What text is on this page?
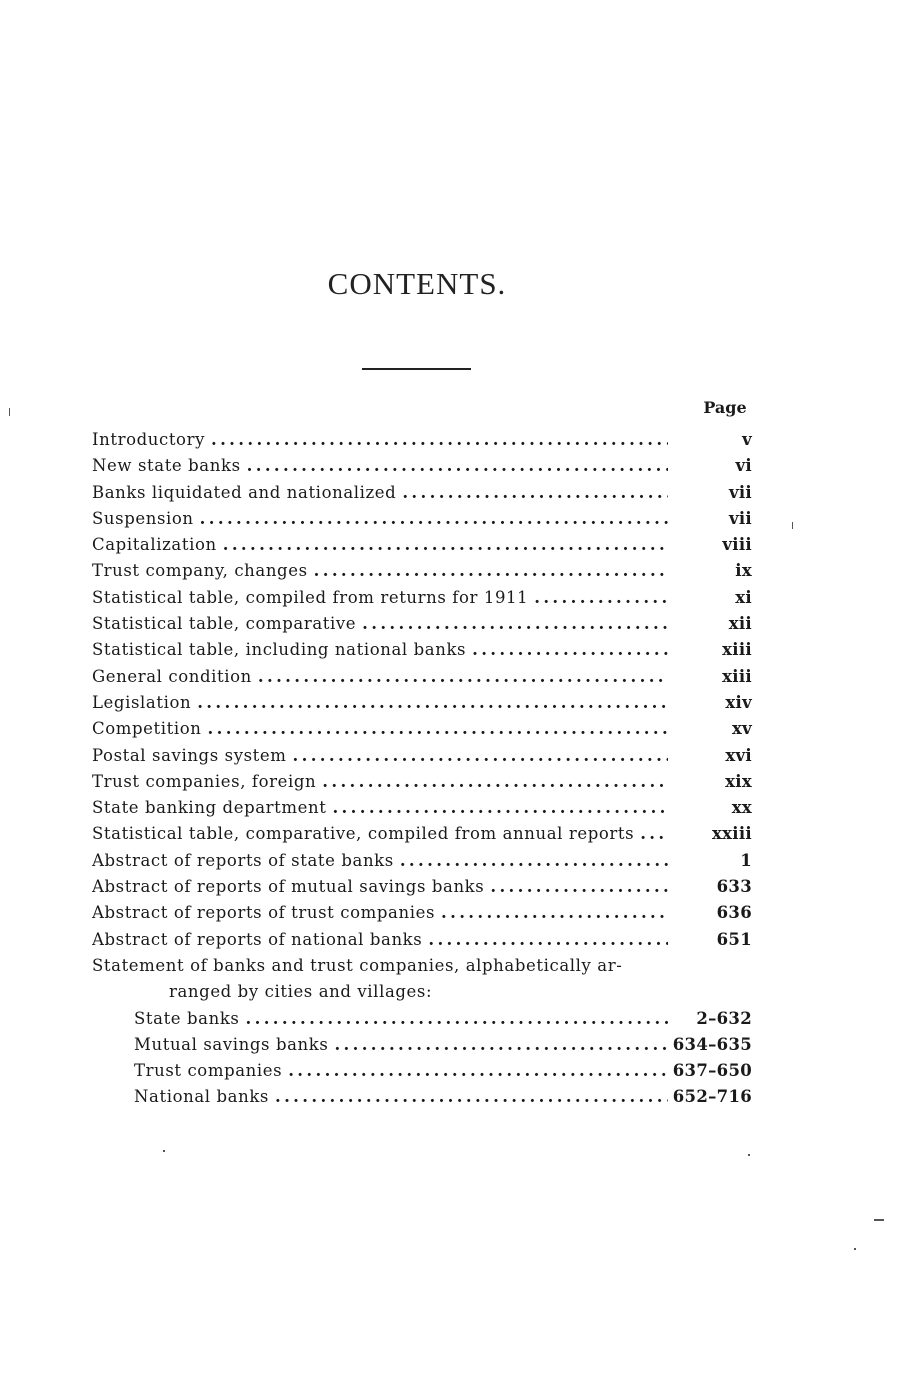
CONTENTS.
Page
Introductory . . .	v
New state banks . . .	vi
Banks liquidated and nationalized . . .	vii
Suspension . . .	vii
Capitalization . . .	viii
Trust company, changes . . .	ix
Statistical table, compiled from returns for 1911 . . .	xi
Statistical table, comparative . . .	xii
Statistical table, including national banks . . .	xiii
General condition . . .	xiii
Legislation . . .	xiv
Competition . . .	xv
Postal savings system . . .	xvi
Trust companies, foreign . . .	xix
State banking department . . .	xx
Statistical table, comparative, compiled from annual reports . . .	xxiii
Abstract of reports of state banks . . .	1
Abstract of reports of mutual savings banks . . .	633
Abstract of reports of trust companies . . .	636
Abstract of reports of national banks . . .	651
Statement of banks and trust companies, alphabetically ar-
ranged by cities and villages:
State banks . . .	2–632
Mutual savings banks . . .	634–635
Trust companies . . .	637–650
National banks . . .	652–716
